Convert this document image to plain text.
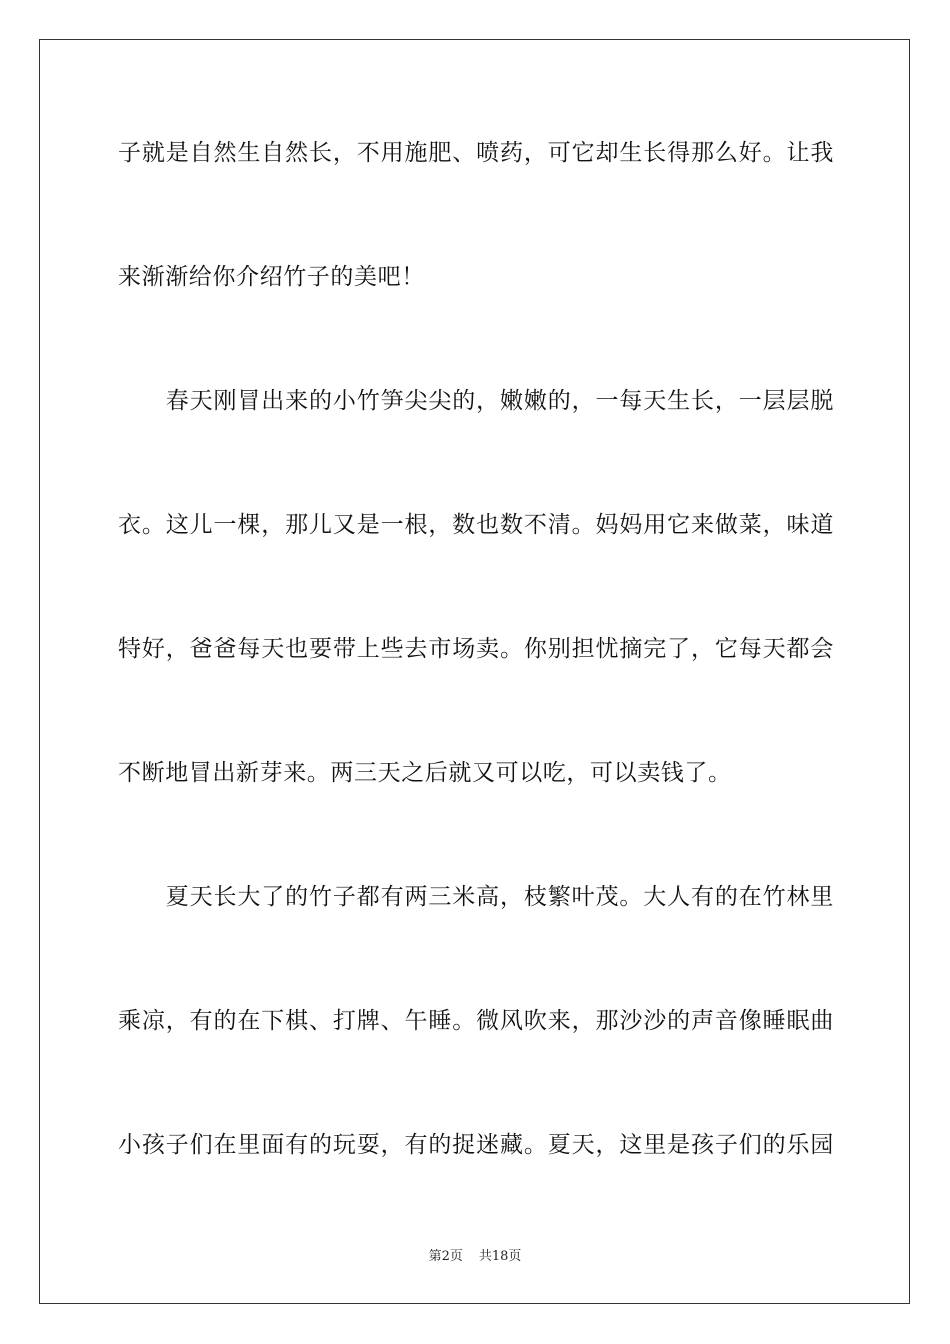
子就是自然生自然长，不用施肥、喷药，可它却生长得那么好。让我
来渐渐给你介绍竹子的美吧！
　　春天刚冒出来的小竹笋尖尖的，嫩嫩的，一每天生长，一层层脱
衣。这儿一棵，那儿又是一根，数也数不清。妈妈用它来做菜，味道
特好，爸爸每天也要带上些去市场卖。你别担忧摘完了，它每天都会
不断地冒出新芽来。两三天之后就又可以吃，可以卖钱了。
　　夏天长大了的竹子都有两三米高，枝繁叶茂。大人有的在竹林里
乘凉，有的在下棋、打牌、午睡。微风吹来，那沙沙的声音像睡眠曲
小孩子们在里面有的玩耍，有的捉迷藏。夏天，这里是孩子们的乐园
第2页 共18页
